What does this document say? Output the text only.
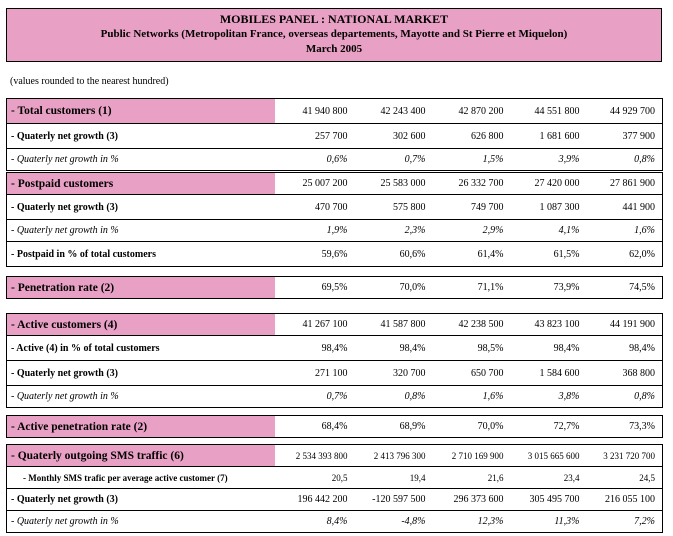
MOBILES PANEL : NATIONAL MARKET
Public Networks (Metropolitan France, overseas departements, Mayotte and St Pierre et Miquelon)
March 2005
(values rounded to the nearest hundred)
- Total customers (1)	41 940 800	42 243 400	42 870 200	44 551 800	44 929 700
- Quaterly net growth (3)	257 700	302 600	626 800	1 681 600	377 900
- Quaterly net growth in %	0,6%	0,7%	1,5%	3,9%	0,8%
- Postpaid customers	25 007 200	25 583 000	26 332 700	27 420 000	27 861 900
- Quaterly net growth (3)	470 700	575 800	749 700	1 087 300	441 900
- Quaterly net growth in %	1,9%	2,3%	2,9%	4,1%	1,6%
- Postpaid in % of total customers	59,6%	60,6%	61,4%	61,5%	62,0%
- Penetration rate (2)	69,5%	70,0%	71,1%	73,9%	74,5%
- Active customers (4)	41 267 100	41 587 800	42 238 500	43 823 100	44 191 900
- Active (4) in % of total customers	98,4%	98,4%	98,5%	98,4%	98,4%
- Quaterly net growth (3)	271 100	320 700	650 700	1 584 600	368 800
- Quaterly net growth in %	0,7%	0,8%	1,6%	3,8%	0,8%
- Active penetration rate (2)	68,4%	68,9%	70,0%	72,7%	73,3%
- Quaterly outgoing SMS traffic (6)	2 534 393 800	2 413 796 300	2 710 169 900	3 015 665 600	3 231 720 700
- Monthly SMS trafic per average active customer (7)	20,5	19,4	21,6	23,4	24,5
- Quaterly net growth (3)	196 442 200	-120 597 500	296 373 600	305 495 700	216 055 100
- Quaterly net growth in %	8,4%	-4,8%	12,3%	11,3%	7,2%
